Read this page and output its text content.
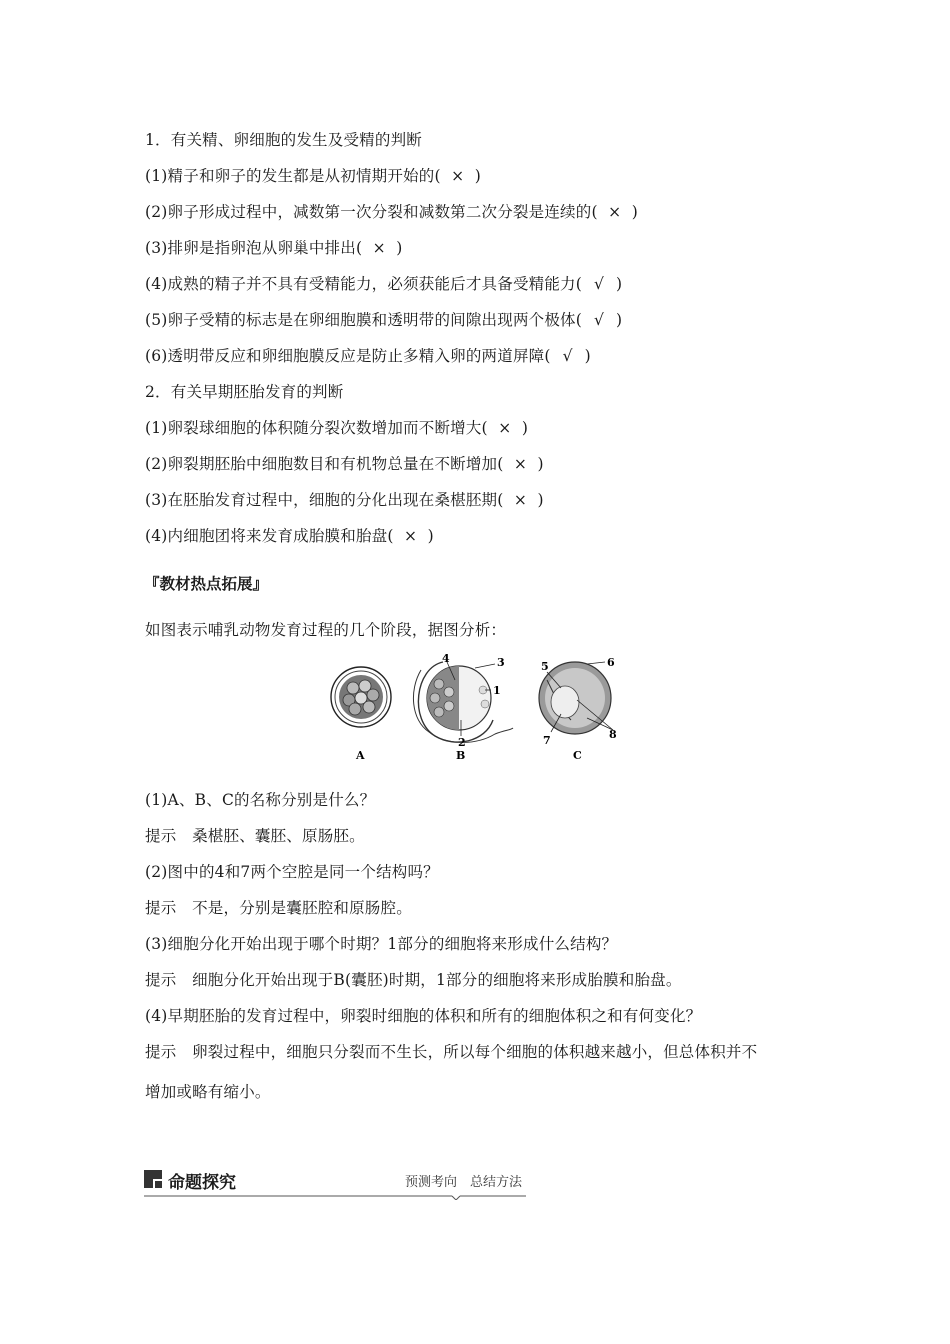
1．有关精、卵细胞的发生及受精的判断
(1)精子和卵子的发生都是从初情期开始的( × )
(2)卵子形成过程中，减数第一次分裂和减数第二次分裂是连续的( × )
(3)排卵是指卵泡从卵巢中排出( × )
(4)成熟的精子并不具有受精能力，必须获能后才具备受精能力( √ )
(5)卵子受精的标志是在卵细胞膜和透明带的间隙出现两个极体( √ )
(6)透明带反应和卵细胞膜反应是防止多精入卵的两道屏障( √ )
2．有关早期胚胎发育的判断
(1)卵裂球细胞的体积随分裂次数增加而不断增大( × )
(2)卵裂期胚胎中细胞数目和有机物总量在不断增加( × )
(3)在胚胎发育过程中，细胞的分化出现在桑椹胚期( × )
(4)内细胞团将来发育成胎膜和胎盘( × )
『教材热点拓展』
如图表示哺乳动物发育过程的几个阶段，据图分析：
4	3
1
2
5	6
7	8
A	B	C
(1)A、B、C的名称分别是什么？
提示　桑椹胚、囊胚、原肠胚。
(2)图中的4和7两个空腔是同一个结构吗？
提示　不是，分别是囊胚腔和原肠腔。
(3)细胞分化开始出现于哪个时期？1部分的细胞将来形成什么结构？
提示　细胞分化开始出现于B(囊胚)时期，1部分的细胞将来形成胎膜和胎盘。
(4)早期胚胎的发育过程中，卵裂时细胞的体积和所有的细胞体积之和有何变化？
提示　卵裂过程中，细胞只分裂而不生长，所以每个细胞的体积越来越小，但总体积并不
增加或略有缩小。
命题探究	预测考向　总结方法
